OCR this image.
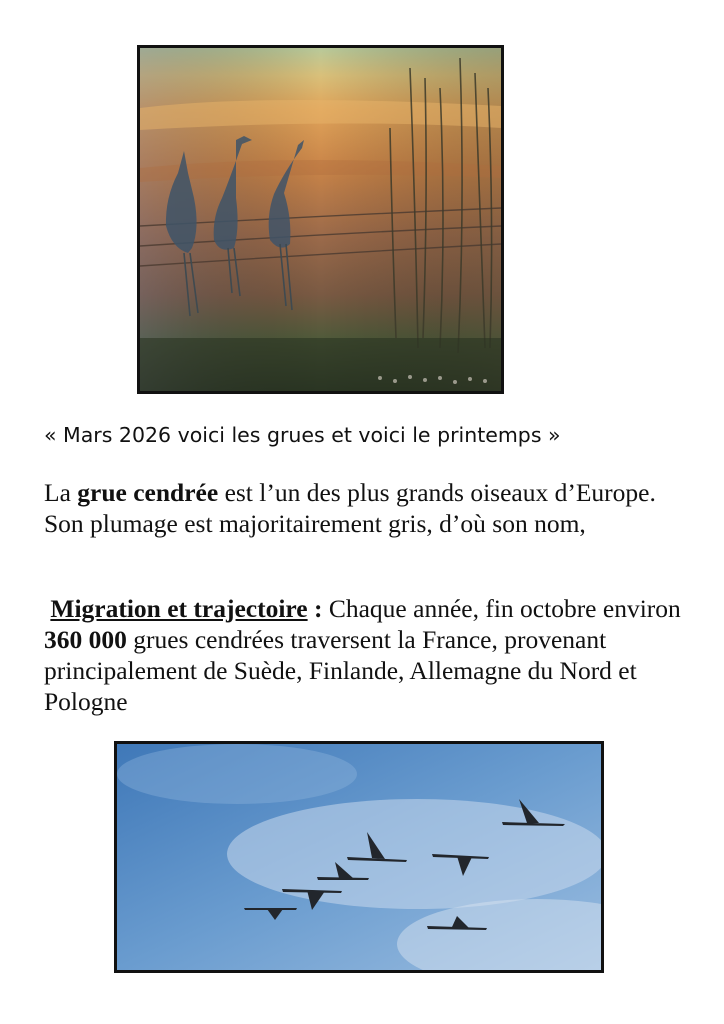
« Mars 2026 voici les grues et voici le printemps »

La grue cendrée est l’un des plus grands oiseaux d’Europe. Son plumage est majoritairement gris, d’où son nom,

Migration et trajectoire : Chaque année, fin octobre environ 360 000 grues cendrées traversent la France, provenant principalement de Suède, Finlande, Allemagne du Nord et Pologne
